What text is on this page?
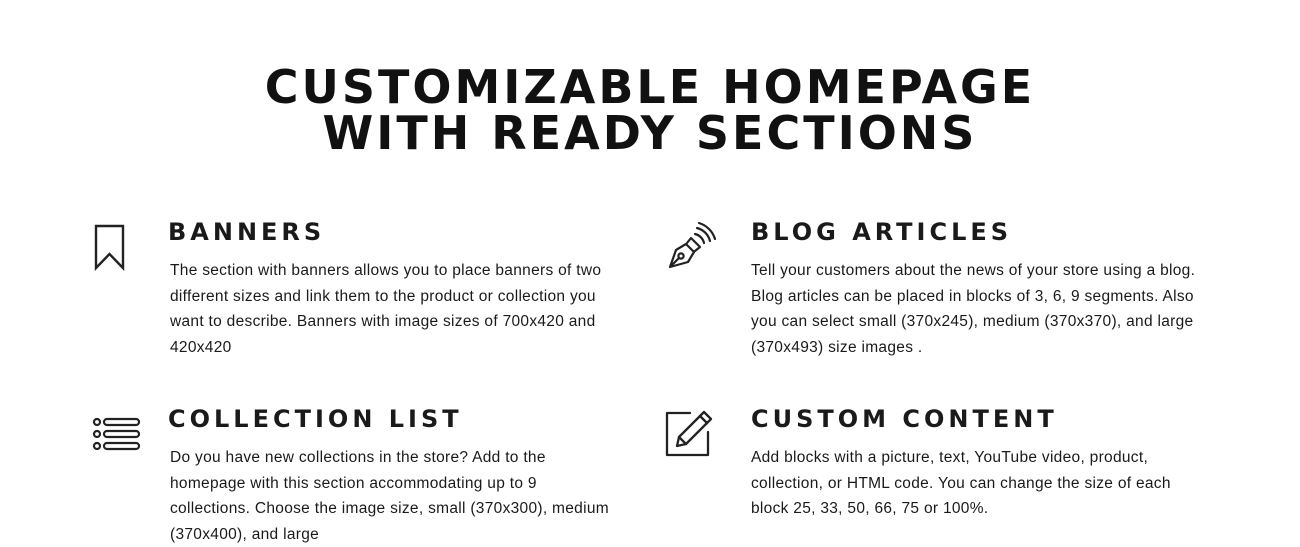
CUSTOMIZABLE HOMEPAGE
WITH READY SECTIONS
BANNERS

The section with banners allows you to place banners of two different sizes and link them to the product or collection you want to describe. Banners with image sizes of 700x420 and 420x420

BLOG ARTICLES

Tell your customers about the news of your store using a blog. Blog articles can be placed in blocks of 3, 6, 9 segments. Also you can select small (370x245), medium (370x370), and large (370x493) size images .

COLLECTION LIST

Do you have new collections in the store? Add to the homepage with this section accommodating up to 9 collections. Choose the image size, small (370x300), medium (370x400), and large

CUSTOM CONTENT

Add blocks with a picture, text, YouTube video, product, collection, or HTML code. You can change the size of each block 25, 33, 50, 66, 75 or 100%.
